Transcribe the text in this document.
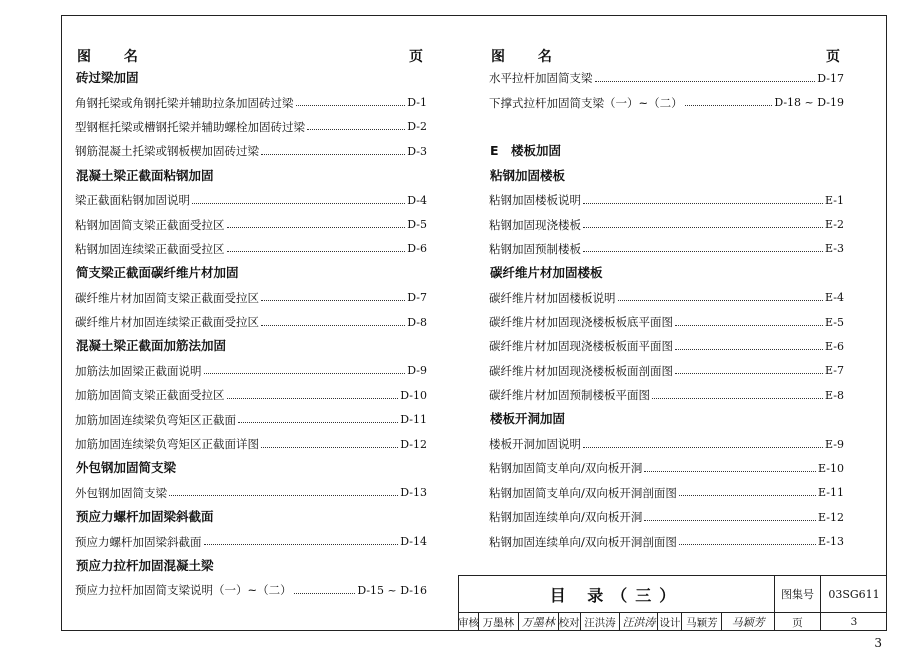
图 名	页
砖过梁加固
角钢托梁或角钢托梁并辅助拉条加固砖过梁	D-1
型钢框托梁或槽钢托梁并辅助螺栓加固砖过梁	D-2
钢筋混凝土托梁或钢板楔加固砖过梁	D-3
混凝土梁正截面粘钢加固
梁正截面粘钢加固说明	D-4
粘钢加固简支梁正截面受拉区	D-5
粘钢加固连续梁正截面受拉区	D-6
简支梁正截面碳纤维片材加固
碳纤维片材加固简支梁正截面受拉区	D-7
碳纤维片材加固连续梁正截面受拉区	D-8
混凝土梁正截面加筋法加固
加筋法加固梁正截面说明	D-9
加筋加固简支梁正截面受拉区	D-10
加筋加固连续梁负弯矩区正截面	D-11
加筋加固连续梁负弯矩区正截面详图	D-12
外包钢加固简支梁
外包钢加固简支梁	D-13
预应力螺杆加固梁斜截面
预应力螺杆加固梁斜截面	D-14
预应力拉杆加固混凝土梁
预应力拉杆加固简支梁说明（一）~（二）	D-15 ~ D-16
图 名	页
水平拉杆加固简支梁	D-17
下撑式拉杆加固简支梁（一）~（二）	D-18 ~ D-19
E　楼板加固
粘钢加固楼板
粘钢加固楼板说明	E-1
粘钢加固现浇楼板	E-2
粘钢加固预制楼板	E-3
碳纤维片材加固楼板
碳纤维片材加固楼板说明	E-4
碳纤维片材加固现浇楼板板底平面图	E-5
碳纤维片材加固现浇楼板板面平面图	E-6
碳纤维片材加固现浇楼板板面剖面图	E-7
碳纤维片材加固预制楼板平面图	E-8
楼板开洞加固
楼板开洞加固说明	E-9
粘钢加固简支单向/双向板开洞	E-10
粘钢加固简支单向/双向板开洞剖面图	E-11
粘钢加固连续单向/双向板开洞	E-12
粘钢加固连续单向/双向板开洞剖面图	E-13
目 录（三）	图集号	03SG611
审核 万墨林 万墨林 校对 汪洪涛 汪洪涛 设计 马颖芳	马颖芳	页	3
3
